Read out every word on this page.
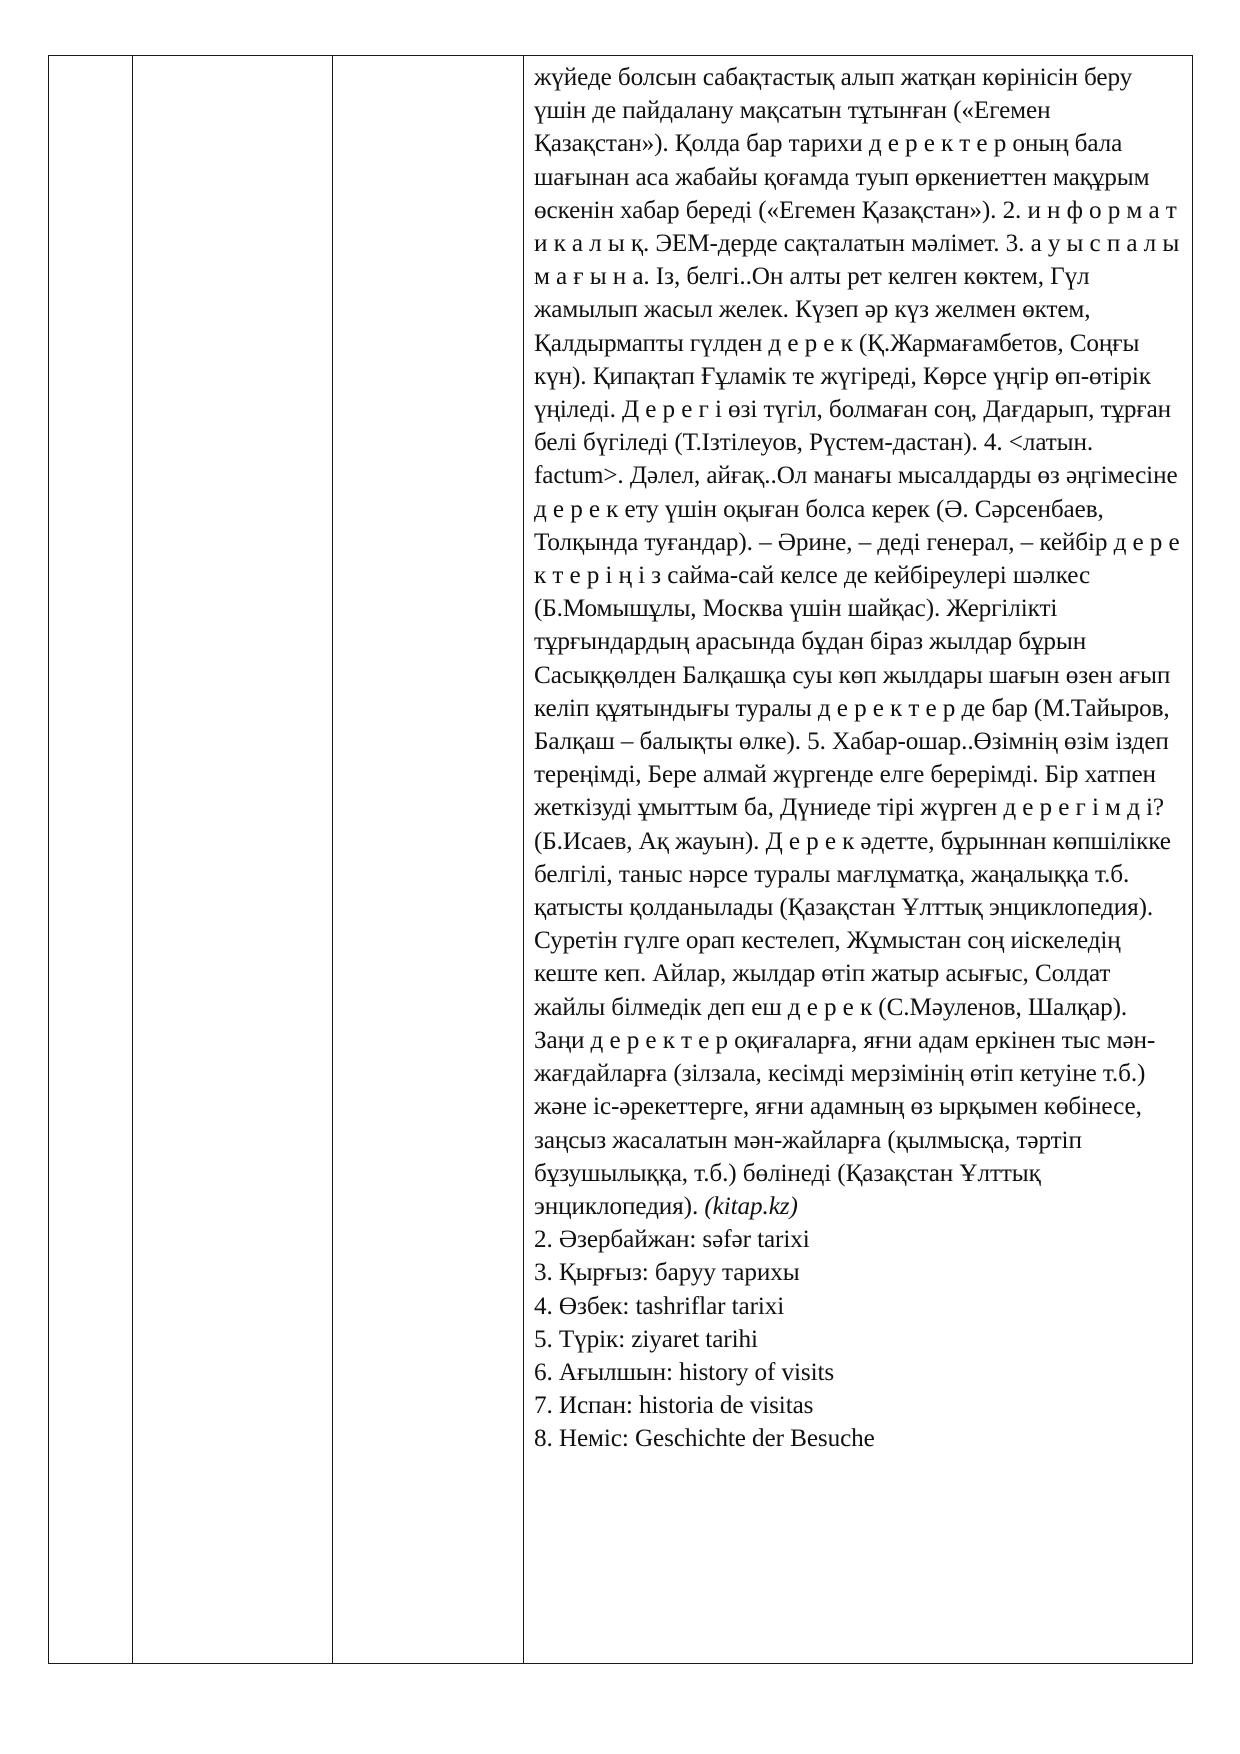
жүйеде болсын сабақтастық алып жатқан көрінісін беру үшін де пайдалану мақсатын тұтынған («Егемен Қазақстан»). Қолда бар тарихи д е р е к т е р оның бала шағынан аса жабайы қоғамда туып өркениеттен мақұрым өскенін хабар береді («Егемен Қазақстан»). 2. и н ф о р м а т и к а л ы қ. ЭЕМ-дерде сақталатын мәлімет. 3. а у ы с п а л ы м а ғ ы н а. Із, белгі..Он алты рет келген көктем, Гүл жамылып жасыл желек. Күзеп әр күз желмен өктем, Қалдырмапты гүлден д е р е к (Қ.Жармағамбетов, Соңғы күн). Қипақтап Ғұламік те жүгіреді, Көрсе үңгір өп-өтірік үңіледі. Д е р е г і өзі түгіл, болмаған соң, Дағдарып, тұрған белі бүгіледі (Т.Ізтілеуов, Рүстем-дастан). 4. <латын. factum>. Дәлел, айғақ..Ол манағы мысалдарды өз әңгімесіне д е р е к ету үшін оқыған болса керек (Ә. Сәрсенбаев, Толқында туғандар). – Әрине, – деді генерал, – кейбір д е р е к т е р і ң і з сайма-сай келсе де кейбіреулері шәлкес (Б.Момышұлы, Москва үшін шайқас). Жергілікті тұрғындардың арасында бұдан біраз жылдар бұрын Сасыққөлден Балқашқа суы көп жылдары шағын өзен ағып келіп құятындығы туралы д е р е к т е р де бар (М.Тайыров, Балқаш – балықты өлке). 5. Хабар-ошар..Өзімнің өзім іздеп тереңімді, Бере алмай жүргенде елге берерімді. Бір хатпен жеткізуді ұмыттым ба, Дүниеде тірі жүрген д е р е г і м д і? (Б.Исаев, Ақ жауын). Д е р е к әдетте, бұрыннан көпшілікке белгілі, таныс нәрсе туралы мағлұматқа, жаңалыққа т.б. қатысты қолданылады (Қазақстан Ұлттық энциклопедия). Суретін гүлге орап кестелеп, Жұмыстан соң иіскеледің кеште кеп. Айлар, жылдар өтіп жатыр асығыс, Солдат жайлы білмедік деп еш д е р е к (С.Мәуленов, Шалқар). Заңи д е р е к т е р оқиғаларға, яғни адам еркінен тыс мән-жағдайларға (зілзала, кесімді мерзімінің өтіп кетуіне т.б.) және іс-әрекеттерге, яғни адамның өз ырқымен көбінесе, заңсыз жасалатын мән-жайларға (қылмысқа, тәртіп бұзушылыққа, т.б.) бөлінеді (Қазақстан Ұлттық энциклопедия). (kitap.kz)

2. Әзербайжан: səfər tarixi
3. Қырғыз: баруу тарихы
4. Өзбек: tashriflar tarixi
5. Түрік: ziyaret tarihi
6. Ағылшын: history of visits
7. Испан: historia de visitas
8. Неміс: Geschichte der Besuche
